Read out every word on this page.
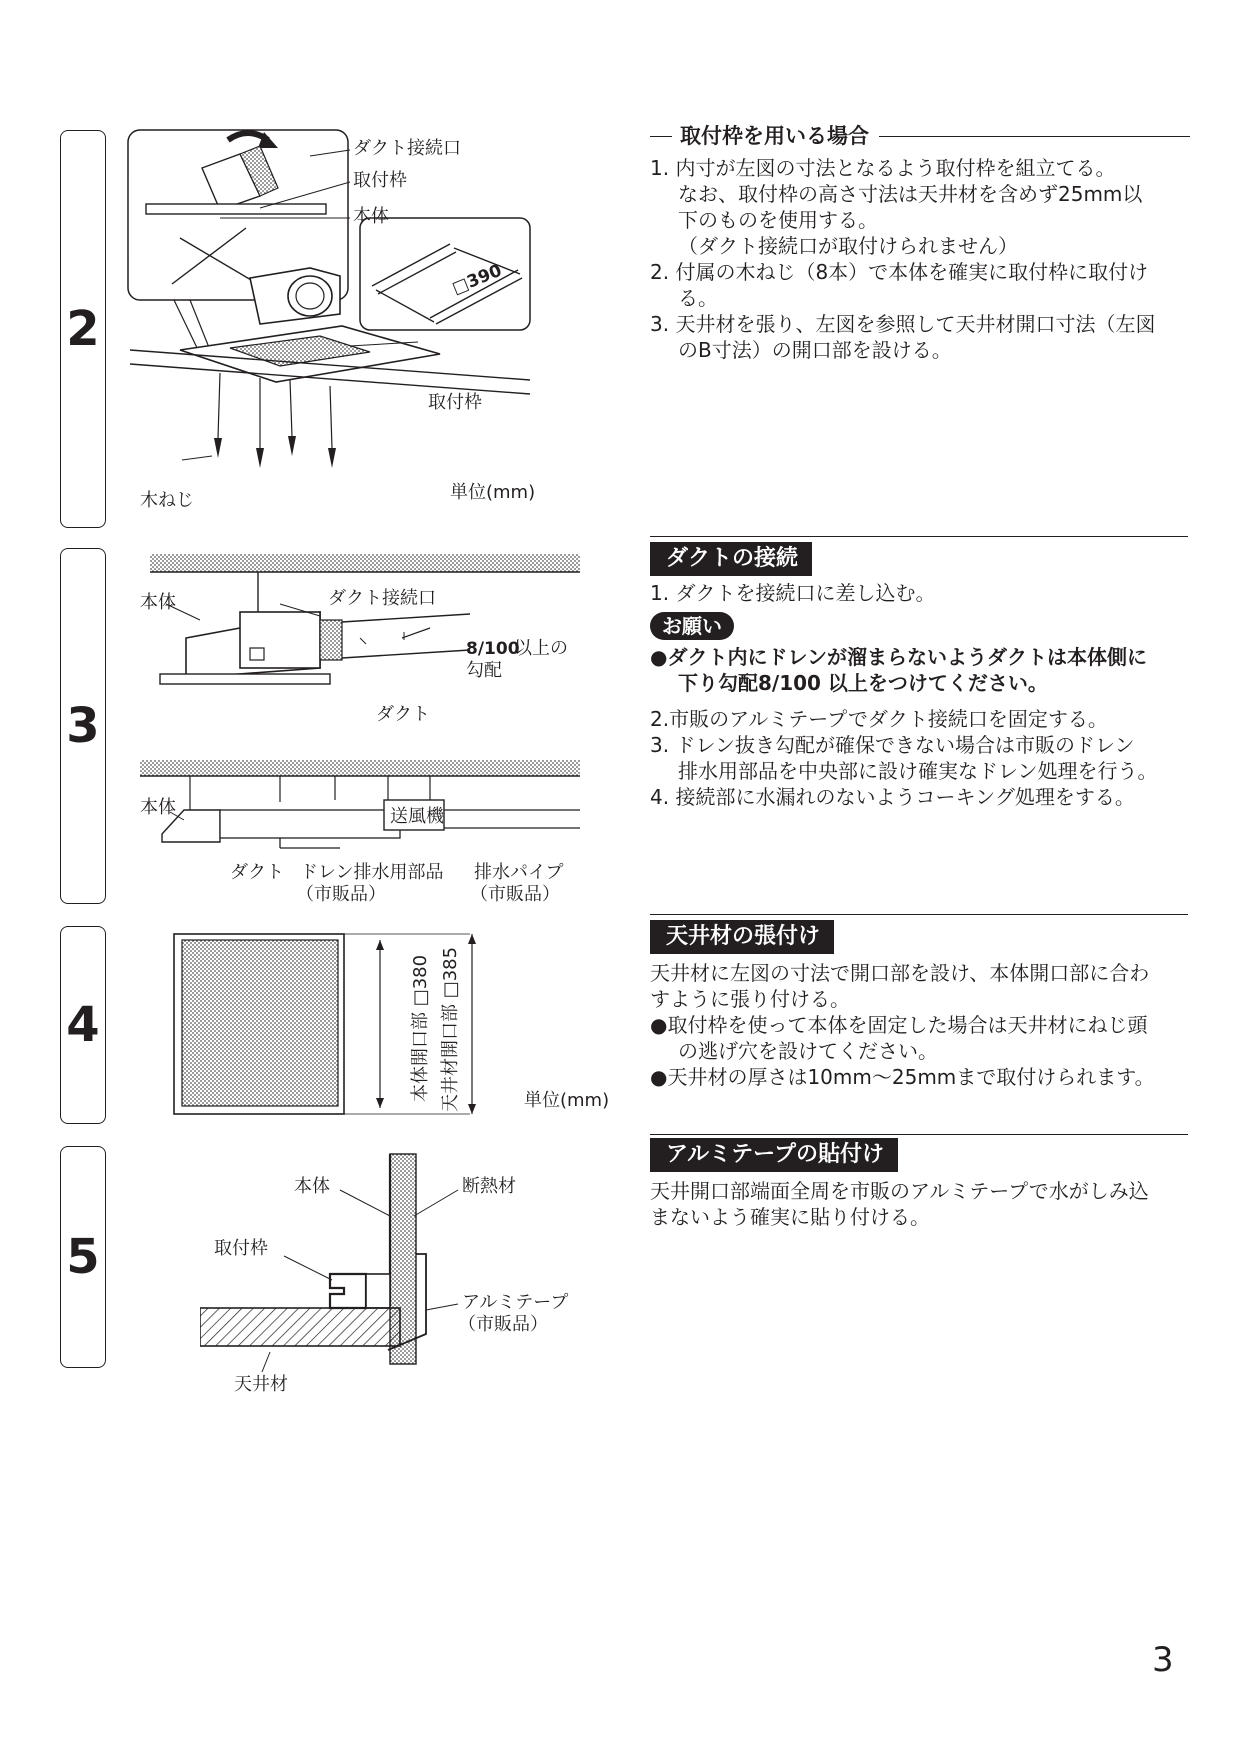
2
ダクト接続口
取付枠
本体
□390
取付枠
木ねじ	単位(mm)
取付枠を用いる場合

1. 内寸が左図の寸法となるよう取付枠を組立てる。

なお、取付枠の高さ寸法は天井材を含めず25mm以

下のものを使用する。

（ダクト接続口が取付けられません）

2. 付属の木ねじ（8本）で本体を確実に取付枠に取付け

る。

3. 天井材を張り、左図を参照して天井材開口寸法（左図

のB寸法）の開口部を設ける。

3
ダクト接続口
本体
8/100
以上の
勾配
ダクト
本体	送風機
ダクト ドレン排水用部品
（市販品）
排水パイプ
（市販品）
ダクトの接続

1. ダクトを接続口に差し込む。

お願い

●ダクト内にドレンが溜まらないようダクトは本体側に

下り勾配8/100 以上をつけてください。

2.市販のアルミテープでダクト接続口を固定する。

3. ドレン抜き勾配が確保できない場合は市販のドレン

排水用部品を中央部に設け確実なドレン処理を行う。

4. 接続部に水漏れのないようコーキング処理をする。

4	本体開口部 □380 天井材開口部 □385	単位(mm)
天井材の張付け

天井材に左図の寸法で開口部を設け、本体開口部に合わ

すように張り付ける。

●取付枠を使って本体を固定した場合は天井材にねじ頭

の逃げ穴を設けてください。

●天井材の厚さは10mm～25mmまで取付けられます。

5
本体	断熱材
取付枠
アルミテープ
（市販品）
天井材
アルミテープの貼付け

天井開口部端面全周を市販のアルミテープで水がしみ込

まないよう確実に貼り付ける。

3
